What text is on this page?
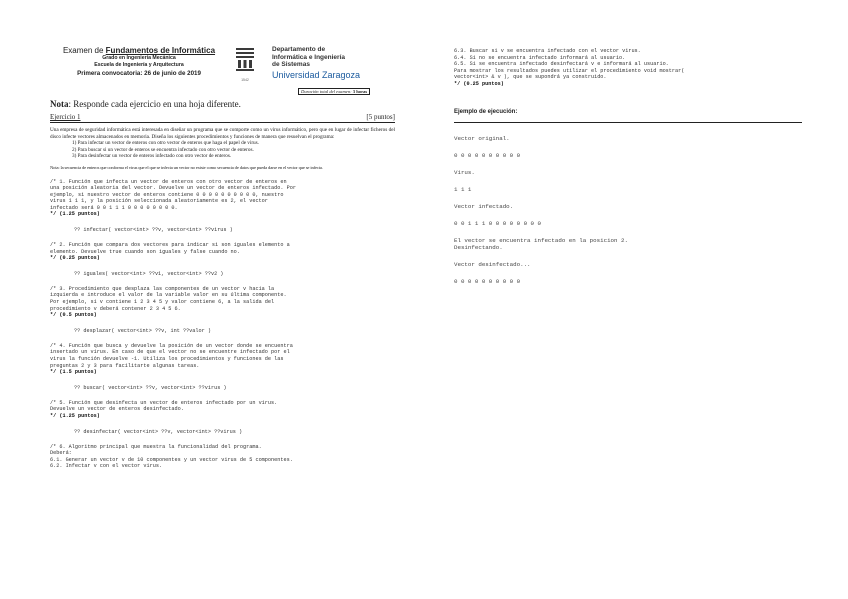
Examen de Fundamentos de Informática
Grado en Ingeniería Mecánica
Escuela de Ingeniería y Arquitectura
Primera convocatoria: 26 de junio de 2019
1542
Departamento de
Informática e Ingeniería
de Sistemas
Universidad Zaragoza
Duración total del examen: 3 horas
Nota: Responde cada ejercicio en una hoja diferente.
Ejercicio 1	[5 puntos]
Una empresa de seguridad informática está interesada en diseñar un programa que se comporte como un virus informático, pero que en lugar de infectar ficheros del disco infecte vectores almacenados en memoria. Diseña los siguientes procedimientos y funciones de manera que resuelvan el programa:
1) Para infectar un vector de enteros con otro vector de enteros que haga el papel de virus.
2) Para buscar si un vector de enteros se encuentra infectado con otro vector de enteros.
3) Para desinfectar un vector de enteros infectado con otro vector de enteros.
Nota: la secuencia de enteros que conforma el virus que el que se infecta un vector no existe como secuencia de datos que pueda darse en el vector que se infecta.
/* 1. Función que infecta un vector de enteros con otro vector de enteros en
una posición aleatoria del vector. Devuelve un vector de enteros infectado. Por
ejemplo, si nuestro vector de enteros contiene 0 0 0 0 0 0 0 0 0 0, nuestro
virus 1 1 1, y la posición seleccionada aleatoriamente es 2, el vector
infectado será 0 0 1 1 1 0 0 0 0 0 0 0 0.
*/ (1.25 puntos)
?? infectar( vector<int> ??v, vector<int> ??virus )
/* 2. Función que compara dos vectores para indicar si son iguales elemento a
elemento. Devuelve true cuando son iguales y false cuando no.
*/ (0.25 puntos)
?? iguales( vector<int> ??v1, vector<int> ??v2 )
/* 3. Procedimiento que desplaza las componentes de un vector v hacia la
izquierda e introduce el valor de la variable valor en su última componente.
Por ejemplo, si v contiene 1 2 3 4 5 y valor contiene 6, a la salida del
procedimiento v deberá contener 2 3 4 5 6.
*/ (0.5 puntos)
?? desplazar( vector<int> ??v, int ??valor )
/* 4. Función que busca y devuelve la posición de un vector donde se encuentra
insertado un virus. En caso de que el vector no se encuentre infectado por el
virus la función devuelve -1. Utiliza los procedimientos y funciones de las
preguntas 2 y 3 para facilitarte algunas tareas.
*/ (1.5 puntos)
?? buscar( vector<int> ??v, vector<int> ??virus )
/* 5. Función que desinfecta un vector de enteros infectado por un virus.
Devuelve un vector de enteros desinfectado.
*/ (1.25 puntos)
?? desinfectar( vector<int> ??v, vector<int> ??virus )
/* 6. Algoritmo principal que muestra la funcionalidad del programa.
Deberá:
6.1. Generar un vector v de 10 componentes y un vector virus de 5 componentes.
6.2. Infectar v con el vector virus.
6.3. Buscar si v se encuentra infectado con el vector virus.
6.4. Si no se encuentra infectado informará al usuario.
6.5. Si se encuentra infectado desinfectará v e informará al usuario.
Para mostrar los resultados puedes utilizar el procedimiento void mostrar(
vector<int> & v ), que se supondrá ya construido.
*/ (0.25 puntos)
Ejemplo de ejecución:
Vector original.
0 0 0 0 0 0 0 0 0 0
Virus.
1 1 1
Vector infectado.
0 0 1 1 1 0 0 0 0 0 0 0 0
El vector se encuentra infectado en la posicion 2.
Desinfectando.
Vector desinfectado...
0 0 0 0 0 0 0 0 0 0
